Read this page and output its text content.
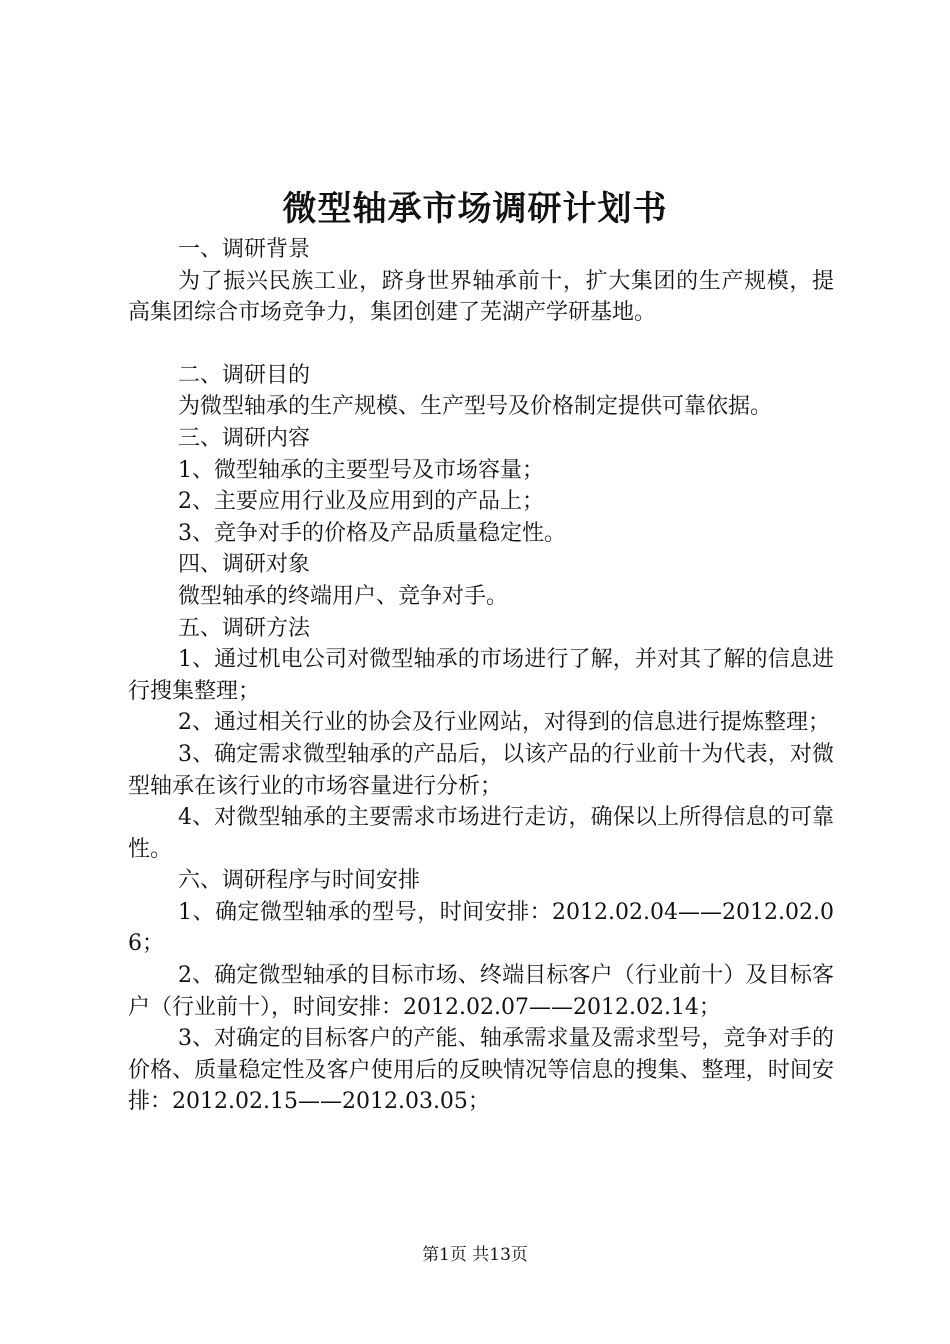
微型轴承市场调研计划书

一、调研背景

为了振兴民族工业，跻身世界轴承前十，扩大集团的生产规模，提高集团综合市场竞争力，集团创建了芜湖产学研基地。

二、调研目的

为微型轴承的生产规模、生产型号及价格制定提供可靠依据。

三、调研内容

1、微型轴承的主要型号及市场容量；

2、主要应用行业及应用到的产品上；

3、竞争对手的价格及产品质量稳定性。

四、调研对象

微型轴承的终端用户、竞争对手。

五、调研方法

1、通过机电公司对微型轴承的市场进行了解，并对其了解的信息进行搜集整理；

2、通过相关行业的协会及行业网站，对得到的信息进行提炼整理；

3、确定需求微型轴承的产品后，以该产品的行业前十为代表，对微型轴承在该行业的市场容量进行分析；

4、对微型轴承的主要需求市场进行走访，确保以上所得信息的可靠性。

六、调研程序与时间安排

1、确定微型轴承的型号，时间安排：2012.02.04——2012.02.06；

2、确定微型轴承的目标市场、终端目标客户（行业前十）及目标客户（行业前十），时间安排：2012.02.07——2012.02.14；

3、对确定的目标客户的产能、轴承需求量及需求型号，竞争对手的价格、质量稳定性及客户使用后的反映情况等信息的搜集、整理，时间安排：2012.02.15——2012.03.05；

第1页 共13页
